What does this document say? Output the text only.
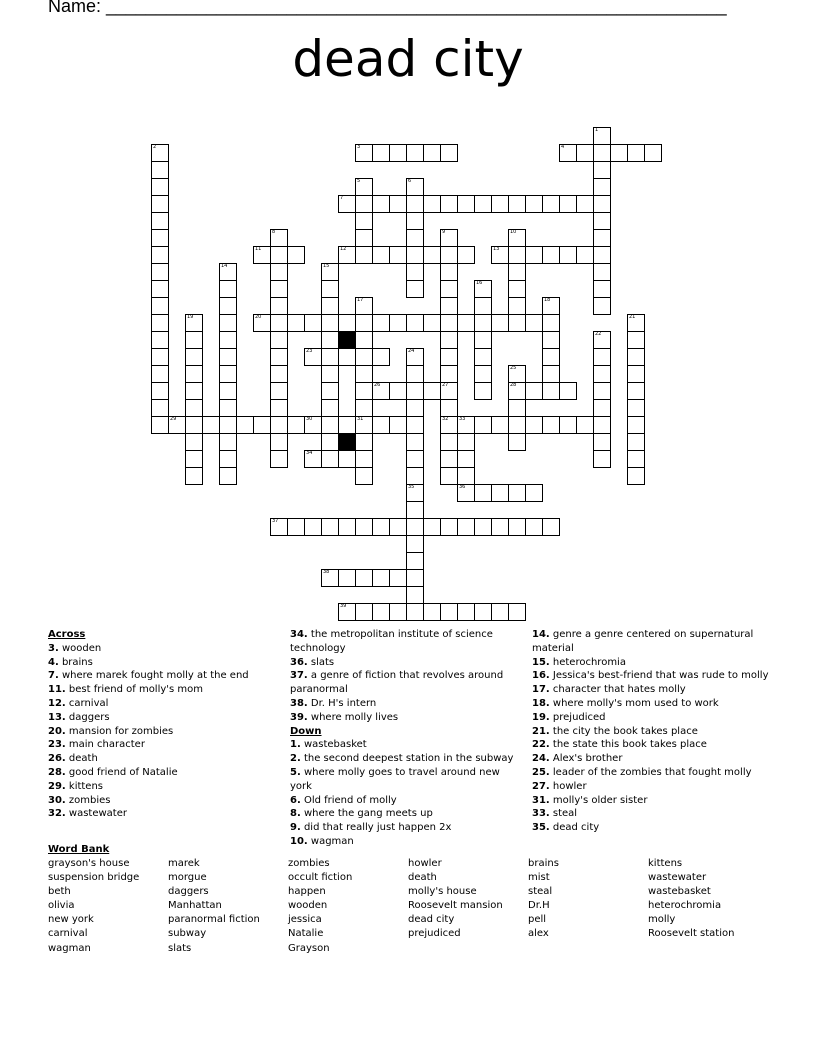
Name: ______________________________________________________________
dead city
1
2	3	4
5	6
7
8	9	10
11	12	13
14	15
16
17
31
18
19	20	21
22
23	24
35
25
28
26	27
32
29	30	33
36
34
37
38
39
Across
3. wooden
4. brains
7. where marek fought molly at the end
11. best friend of molly's mom
12. carnival
13. daggers
20. mansion for zombies
23. main character
26. death
28. good friend of Natalie
29. kittens
30. zombies
32. wastewater
34. the metropolitan institute of science technology
36. slats
37. a genre of fiction that revolves around paranormal
38. Dr. H's intern
39. where molly lives
Down
1. wastebasket
2. the second deepest station in the subway
5. where molly goes to travel around new york
6. Old friend of molly
8. where the gang meets up
9. did that really just happen 2x
10. wagman
14. genre a genre centered on supernatural material
15. heterochromia
16. Jessica's best-friend that was rude to molly
17. character that hates molly
18. where molly's mom used to work
19. prejudiced
21. the city the book takes place
22. the state this book takes place
24. Alex's brother
25. leader of the zombies that fought molly
27. howler
31. molly's older sister
33. steal
35. dead city
Word Bank
grayson's house	marek	zombies	howler	brains	kittens
suspension bridge	morgue	occult fiction	death	mist	wastewater
beth	daggers	happen	molly's house	steal	wastebasket
olivia	Manhattan	wooden	Roosevelt mansion	Dr.H	heterochromia
new york	paranormal fiction	jessica	dead city	pell	molly
carnival	subway	Natalie	prejudiced	alex	Roosevelt station
wagman	slats	Grayson
